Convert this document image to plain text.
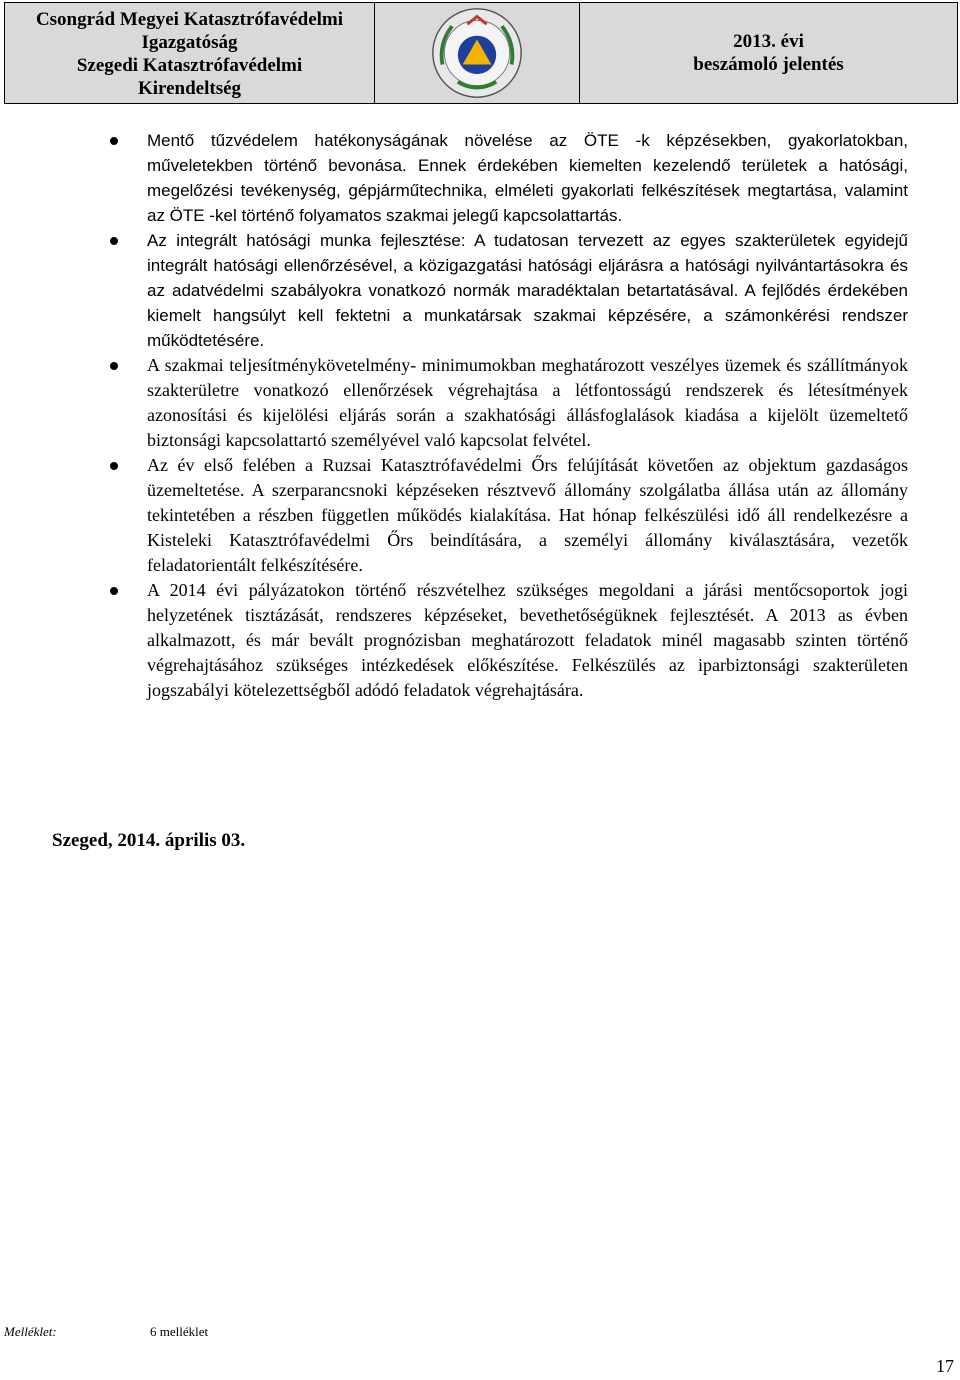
Csongrád Megyei Katasztrófavédelmi
Igazgatóság
Szegedi Katasztrófavédelmi
Kirendeltség
2013. évi
beszámoló jelentés
Mentő tűzvédelem hatékonyságának növelése az ÖTE -k képzésekben, gyakorlatokban, műveletekben történő bevonása. Ennek érdekében kiemelten kezelendő területek a hatósági, megelőzési tevékenység, gépjárműtechnika, elméleti gyakorlati felkészítések megtartása, valamint az ÖTE -kel történő folyamatos szakmai jelegű kapcsolattartás.
Az integrált hatósági munka fejlesztése: A tudatosan tervezett az egyes szakterületek egyidejű integrált hatósági ellenőrzésével, a közigazgatási hatósági eljárásra a hatósági nyilvántartásokra és az adatvédelmi szabályokra vonatkozó normák maradéktalan betartatásával. A fejlődés érdekében kiemelt hangsúlyt kell fektetni a munkatársak szakmai képzésére, a számonkérési rendszer működtetésére.
A szakmai teljesítménykövetelmény- minimumokban meghatározott veszélyes üzemek és szállítmányok szakterületre vonatkozó ellenőrzések végrehajtása a létfontosságú rendszerek és létesítmények azonosítási és kijelölési eljárás során a szakhatósági állásfoglalások kiadása a kijelölt üzemeltető biztonsági kapcsolattartó személyével való kapcsolat felvétel.
Az év első felében a Ruzsai Katasztrófavédelmi Őrs felújítását követően az objektum gazdaságos üzemeltetése. A szerparancsnoki képzéseken résztvevő állomány szolgálatba állása után az állomány tekintetében a részben független működés kialakítása. Hat hónap felkészülési idő áll rendelkezésre a Kisteleki Katasztrófavédelmi Őrs beindítására, a személyi állomány kiválasztására, vezetők feladatorientált felkészítésére.
A 2014 évi pályázatokon történő részvételhez szükséges megoldani a járási mentőcsoportok jogi helyzetének tisztázását, rendszeres képzéseket, bevethetőségüknek fejlesztését. A 2013 as évben alkalmazott, és már bevált prognózisban meghatározott feladatok minél magasabb szinten történő végrehajtásához szükséges intézkedések előkészítése. Felkészülés az iparbiztonsági szakterületen jogszabályi kötelezettségből adódó feladatok végrehajtására.
Szeged, 2014. április 03.
Melléklet:	6 melléklet
17
